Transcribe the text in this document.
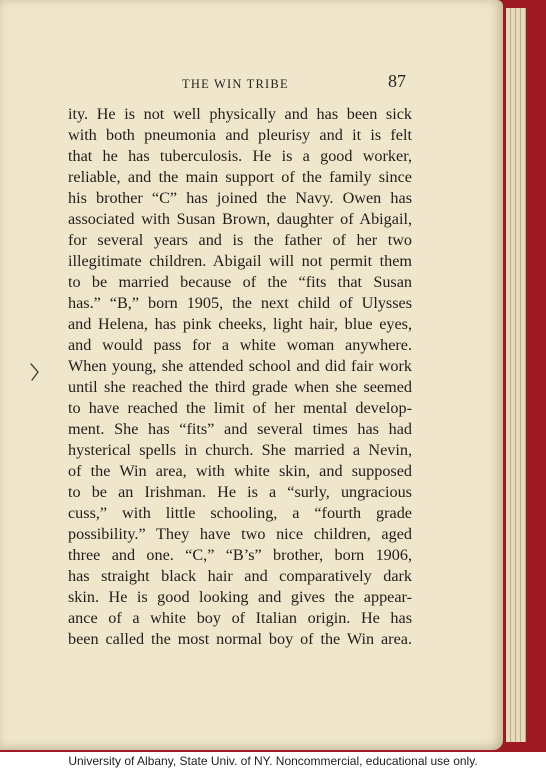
THE WIN TRIBE	87
ity. He is not well physically and has been sick
with both pneumonia and pleurisy and it is felt
that he has tuberculosis. He is a good worker,
reliable, and the main support of the family since
his brother “C” has joined the Navy. Owen has
associated with Susan Brown, daughter of Abigail,
for several years and is the father of her two
illegitimate children. Abigail will not permit them
to be married because of the “fits that Susan
has.” “B,” born 1905, the next child of Ulysses
and Helena, has pink cheeks, light hair, blue eyes,
and would pass for a white woman anywhere.
When young, she attended school and did fair work
until she reached the third grade when she seemed
to have reached the limit of her mental develop-
ment. She has “fits” and several times has had
hysterical spells in church. She married a Nevin,
of the Win area, with white skin, and supposed
to be an Irishman. He is a “surly, ungracious
cuss,” with little schooling, a “fourth grade
possibility.” They have two nice children, aged
three and one. “C,” “B’s” brother, born 1906,
has straight black hair and comparatively dark
skin. He is good looking and gives the appear-
ance of a white boy of Italian origin. He has
been called the most normal boy of the Win area.
University of Albany, State Univ. of NY. Noncommercial, educational use only.
